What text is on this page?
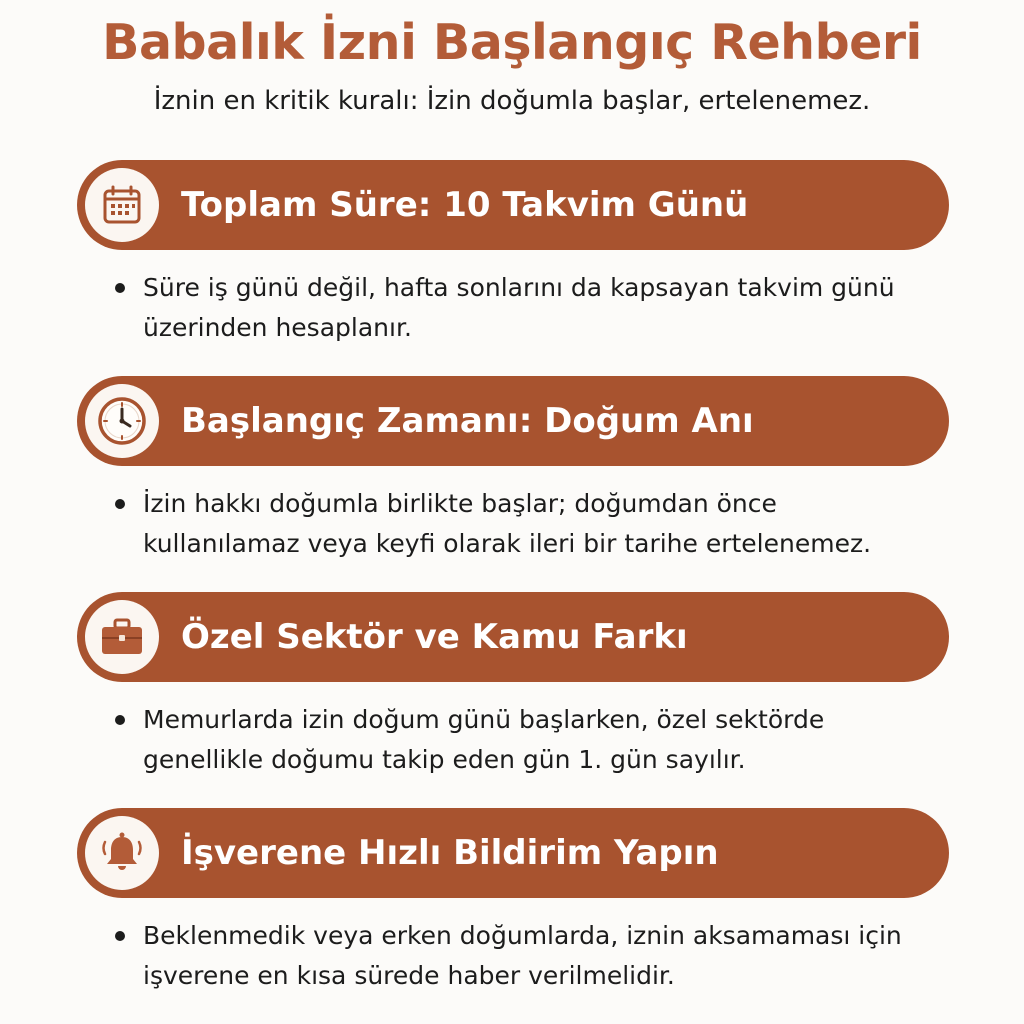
Babalık İzni Başlangıç Rehberi

İznin en kritik kuralı: İzin doğumla başlar, ertelenemez.

Toplam Süre: 10 Takvim Günü
Süre iş günü değil, hafta sonlarını da kapsayan takvim günü üzerinden hesaplanır.
Başlangıç Zamanı: Doğum Anı
İzin hakkı doğumla birlikte başlar; doğumdan önce kullanılamaz veya keyfi olarak ileri bir tarihe ertelenemez.
Özel Sektör ve Kamu Farkı
Memurlarda izin doğum günü başlarken, özel sektörde genellikle doğumu takip eden gün 1. gün sayılır.
İşverene Hızlı Bildirim Yapın
Beklenmedik veya erken doğumlarda, iznin aksamaması için işverene en kısa sürede haber verilmelidir.
